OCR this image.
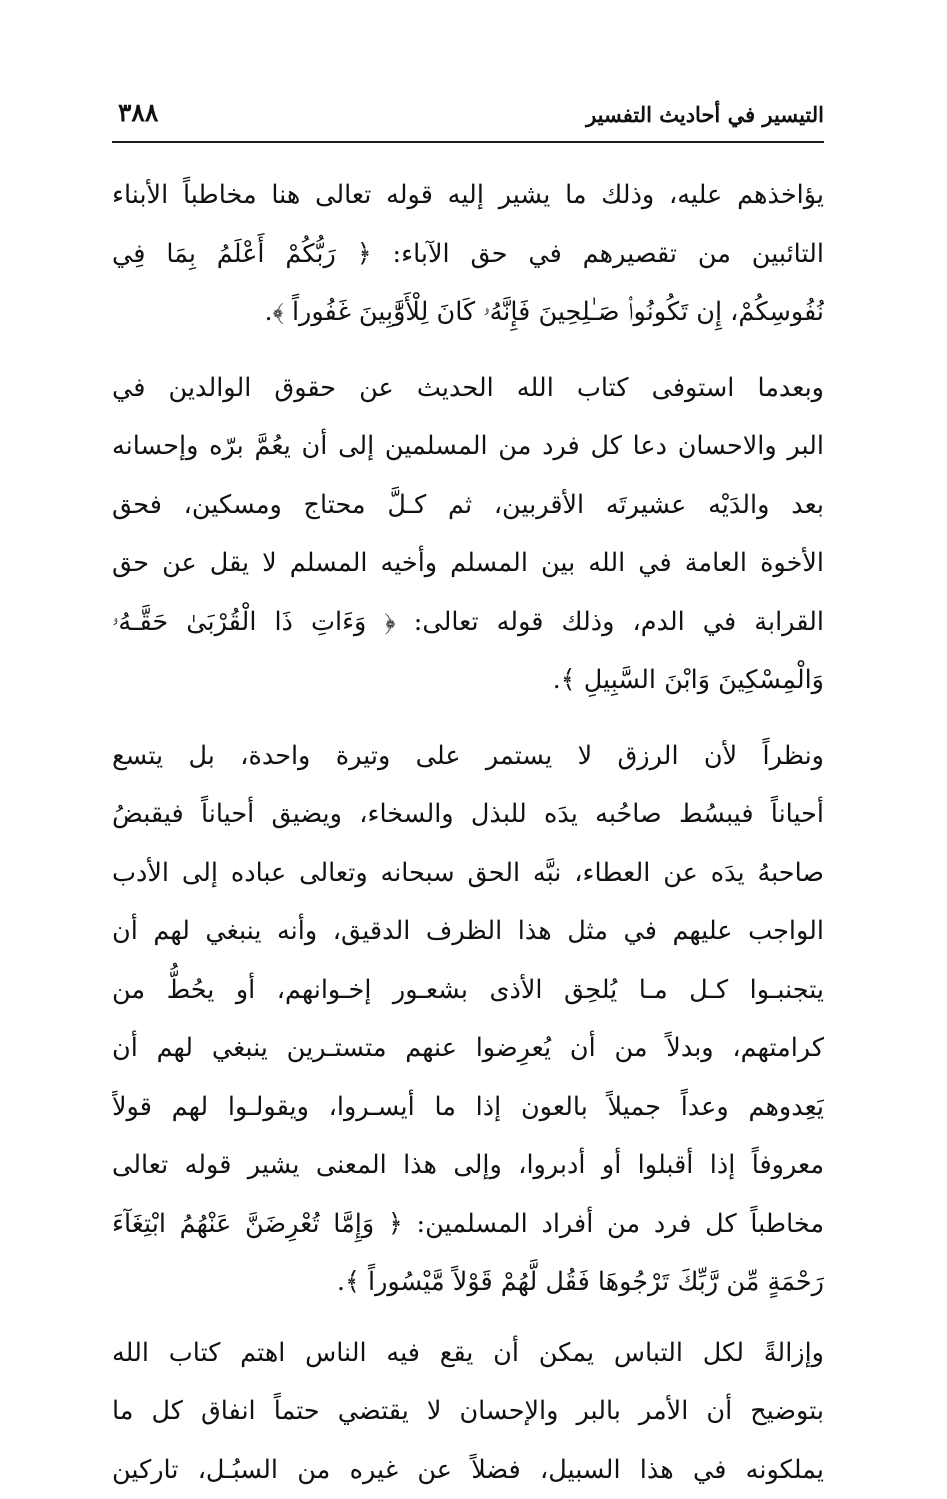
التيسير في أحاديث التفسير
٣٨٨
يؤاخذهم عليه، وذلك ما يشير إليه قوله تعالى هنا مخاطباً الأبناء
التائبين من تقصيرهم في حق الآباء: ﴿ رَبُّكُمْ أَعْلَمُ بِمَا فِي
نُفُوسِكُمْ، إِن تَكُونُوا۟ صَـٰلِحِينَ فَإِنَّهُۥ كَانَ لِلْأَوَّٰبِينَ غَفُوراً ﴾.
وبعدما استوفى كتاب الله الحديث عن حقوق الوالدين في
البر والاحسان دعا كل فرد من المسلمين إلى أن يعُمَّ برّه وإحسانه
بعد والدَيْه عشيرتَه الأقربين، ثم كـلَّ محتاج ومسكين، فحق
الأخوة العامة في الله بين المسلم وأخيه المسلم لا يقل عن حق
القرابة في الدم، وذلك قوله تعالى: ﴿ وَءَاتِ ذَا الْقُرْبَىٰ حَقَّـهُۥ
وَالْمِسْكِينَ وَابْنَ السَّبِيلِ ﴾.
ونظراً لأن الرزق لا يستمر على وتيرة واحدة، بل يتسع
أحياناً فيبسُط صاحُبه يدَه للبذل والسخاء، ويضيق أحياناً فيقبضُ
صاحبهُ يدَه عن العطاء، نبَّه الحق سبحانه وتعالى عباده إلى الأدب
الواجب عليهم في مثل هذا الظرف الدقيق، وأنه ينبغي لهم أن
يتجنبـوا كـل مـا يُلحِق الأذى بشعـور إخـوانهم، أو يحُطُّ من
كرامتهم، وبدلاً من أن يُعرِضوا عنهم متستـرين ينبغي لهم أن
يَعِدوهم وعداً جميلاً بالعون إذا ما أيسـروا، ويقولـوا لهم قولاً
معروفاً إذا أقبلوا أو أدبروا، وإلى هذا المعنى يشير قوله تعالى
مخاطباً كل فرد من أفراد المسلمين: ﴿ وَإِمَّا تُعْرِضَنَّ عَنْهُمُ ابْتِغَآءَ
رَحْمَةٍ مِّن رَّبِّكَ تَرْجُوهَا فَقُل لَّهُمْ قَوْلاً مَّيْسُوراً ﴾.
وإزالةً لكل التباس يمكن أن يقع فيه الناس اهتم كتاب الله
بتوضيح أن الأمر بالبر والإحسان لا يقتضي حتماً انفاق كل ما
يملكونه في هذا السبيل، فضلاً عن غيره من السبُـل، تاركين
